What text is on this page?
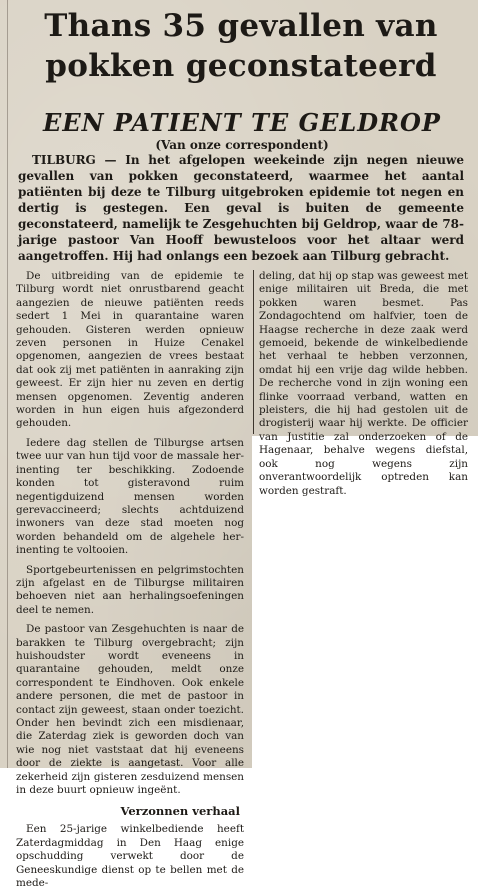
Thans 35 gevallen van
pokken geconstateerd
EEN PATIENT TE GELDROP
(Van onze correspondent)

TILBURG — In het afgelopen weekeinde zijn negen nieuwe gevallen van pokken geconstateerd, waarmee het aantal patiënten bij deze te Tilburg uitgebroken epidemie tot negen en dertig is gestegen. Een geval is buiten de gemeente geconstateerd, namelijk te Zesgehuchten bij Geldrop, waar de 78-jarige pastoor Van Hooff bewusteloos voor het altaar werd aangetroffen. Hij had onlangs een bezoek aan Tilburg gebracht.

De uitbreiding van de epidemie te Tilburg wordt niet onrustbarend geacht aangezien de nieuwe patiënten reeds sedert 1 Mei in quarantaine waren gehouden. Gisteren werden opnieuw zeven personen in Huize Cenakel opgenomen, aangezien de vrees bestaat dat ook zij met patiënten in aanraking zijn geweest. Er zijn hier nu zeven en dertig mensen opgenomen. Zeventig anderen worden in hun eigen huis afgezonderd gehouden.

Iedere dag stellen de Tilburgse artsen twee uur van hun tijd voor de massale her-inenting ter beschikking. Zodoende konden tot gisteravond ruim negentigduizend mensen worden gerevaccineerd; slechts achtduizend inwoners van deze stad moeten nog worden behandeld om de algehele her-inenting te voltooien.

Sportgebeurtenissen en pelgrimstochten zijn afgelast en de Tilburgse militairen behoeven niet aan herhalingsoefeningen deel te nemen.

De pastoor van Zesgehuchten is naar de barakken te Tilburg overgebracht; zijn huishoudster wordt eveneens in quarantaine gehouden, meldt onze correspondent te Eindhoven. Ook enkele andere personen, die met de pastoor in contact zijn geweest, staan onder toezicht. Onder hen bevindt zich een misdienaar, die Zaterdag ziek is geworden doch van wie nog niet vaststaat dat hij eveneens door de ziekte is aangetast. Voor alle zekerheid zijn gisteren zesduizend mensen in deze buurt opnieuw ingeënt.

Verzonnen verhaal

Een 25-jarige winkelbediende heeft Zaterdagmiddag in Den Haag enige opschudding verwekt door de Geneeskundige dienst op te bellen met de mede-

deling, dat hij op stap was geweest met enige militairen uit Breda, die met pokken waren besmet. Pas Zondagochtend om halfvier, toen de Haagse recherche in deze zaak werd gemoeid, bekende de winkelbediende het verhaal te hebben verzonnen, omdat hij een vrije dag wilde hebben. De recherche vond in zijn woning een flinke voorraad verband, watten en pleisters, die hij had gestolen uit de drogisterij waar hij werkte. De officier van Justitie zal onderzoeken of de Hagenaar, behalve wegens diefstal, ook nog wegens zijn onverantwoordelijk optreden kan worden gestraft.
